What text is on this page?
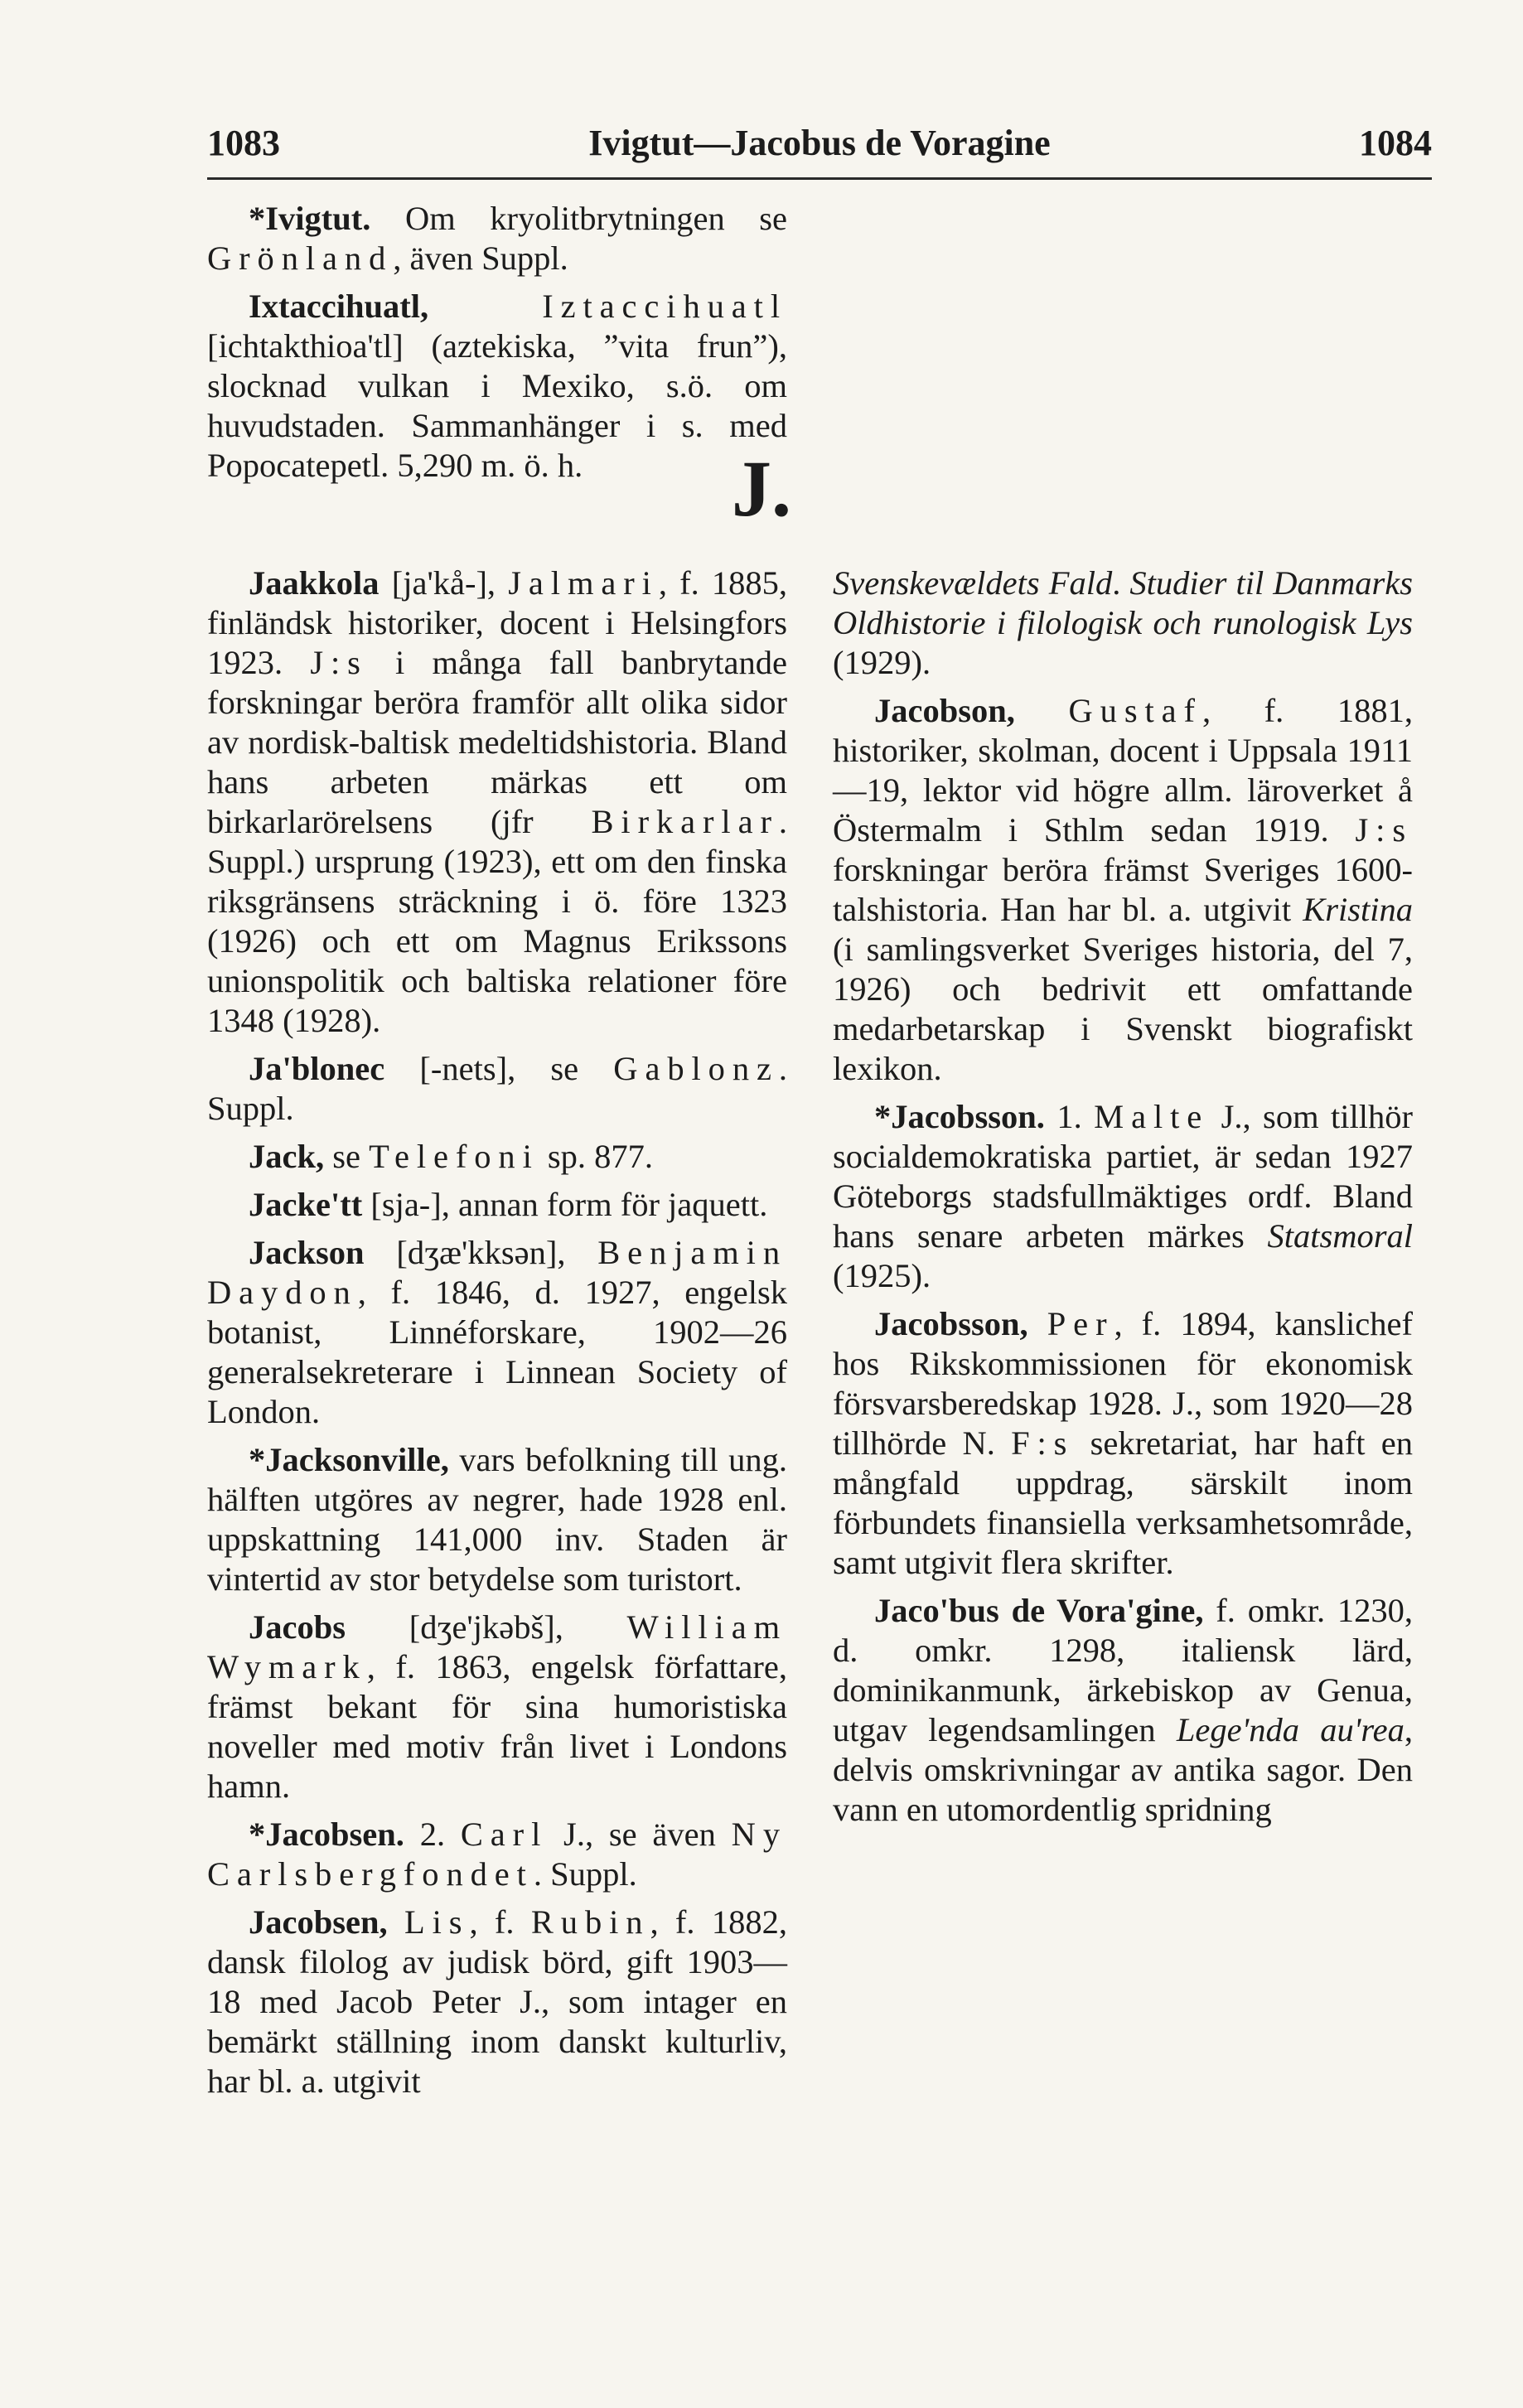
1083	Ivigtut—Jacobus de Voragine	1084

*Ivigtut. Om kryolitbrytningen se Grönland, även Suppl.

Ixtaccihuatl,	Iztaccihuatl [ichtakthioa'tl] (aztekiska, ”vita frun”), slocknad vulkan i Mexiko, s.ö. om huvudstaden. Sammanhänger i s. med Popocatepetl. 5,290 m. ö. h.	J.

Jaakkola [ja'kå-], Jalmari, f. 1885, finländsk historiker, docent i Helsingfors 1923. J:s i många fall banbrytande forskningar beröra framför allt olika sidor av nordisk-baltisk medeltidshistoria. Bland hans arbeten märkas ett om birkarlarörelsens (jfr Birkarlar. Suppl.) ursprung (1923), ett om den finska riksgränsens sträckning i ö. före 1323 (1926) och ett om Magnus Erikssons unionspolitik och baltiska relationer före 1348 (1928).

Ja'blonec [-nets], se Gablonz. Suppl.

Jack, se Telefoni sp. 877.

Jacke'tt [sja-], annan form för jaquett.

Jackson [dʒæ'kksən], Benjamin Daydon, f. 1846, d. 1927, engelsk botanist, Linnéforskare, 1902—26 generalsekreterare i Linnean Society of London.

*Jacksonville, vars befolkning till ung. hälften utgöres av negrer, hade 1928 enl. uppskattning 141,000 inv. Staden är vintertid av stor betydelse som turistort.

Jacobs [dʒe'jkəbš], William Wymark, f. 1863, engelsk författare, främst bekant för sina humoristiska noveller med motiv från livet i Londons hamn.

*Jacobsen. 2. Carl J., se även Ny Carlsbergfondet. Suppl.

Jacobsen, Lis, f. Rubin, f. 1882, dansk filolog av judisk börd, gift 1903—18 med Jacob Peter J., som intager en bemärkt ställning inom danskt kulturliv, har bl. a. utgivit

Svenskevældets Fald. Studier til Danmarks Oldhistorie i filologisk och runologisk Lys (1929).

Jacobson, Gustaf, f. 1881, historiker, skolman, docent i Uppsala 1911—19, lektor vid högre allm. läroverket å Östermalm i Sthlm sedan 1919. J:s forskningar beröra främst Sveriges 1600-talshistoria. Han har bl. a. utgivit Kristina (i samlingsverket Sveriges historia, del 7, 1926) och bedrivit ett omfattande medarbetarskap i Svenskt biografiskt lexikon.

*Jacobsson. 1. Malte J., som tillhör socialdemokratiska partiet, är sedan 1927 Göteborgs stadsfullmäktiges ordf. Bland hans senare arbeten märkes Statsmoral (1925).

Jacobsson, Per, f. 1894, kanslichef hos Rikskommissionen för ekonomisk försvarsberedskap 1928. J., som 1920—28 tillhörde N. F:s sekretariat, har haft en mångfald uppdrag, särskilt inom förbundets finansiella verksamhetsområde, samt utgivit flera skrifter.

Jaco'bus de Vora'gine, f. omkr. 1230, d. omkr. 1298, italiensk lärd, dominikanmunk, ärkebiskop av Genua, utgav legendsamlingen Lege'nda au'rea, delvis omskrivningar av antika sagor. Den vann en utomordentlig spridning
